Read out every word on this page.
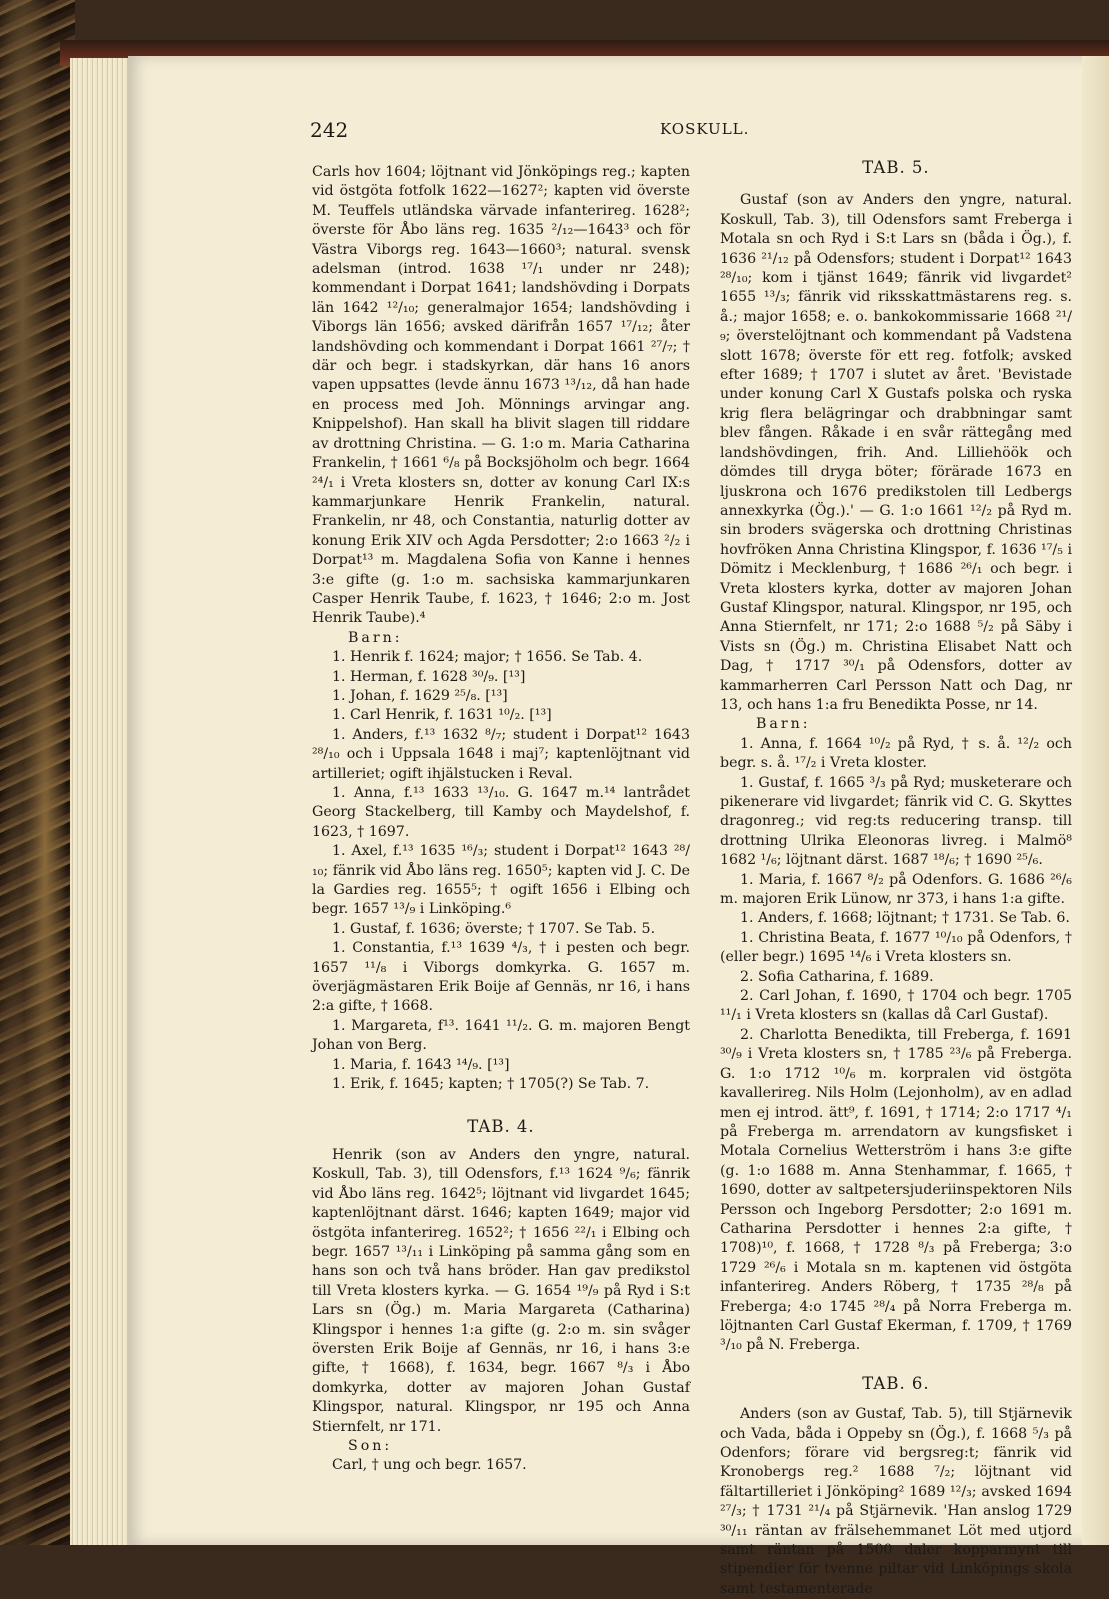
242	KOSKULL.

Carls hov 1604; löjtnant vid Jönköpings reg.; kapten vid östgöta fotfolk 1622—1627²; kapten vid överste M. Teuffels utländska värvade infanterireg. 1628²; överste för Åbo läns reg. 1635 ²/₁₂—1643³ och för Västra Viborgs reg. 1643—1660³; natural. svensk adelsman (introd. 1638 ¹⁷/₁ under nr 248); kommendant i Dorpat 1641; landshövding i Dorpats län 1642 ¹²/₁₀; generalmajor 1654; landshövding i Viborgs län 1656; avsked därifrån 1657 ¹⁷/₁₂; åter landshövding och kommendant i Dorpat 1661 ²⁷/₇; † där och begr. i stadskyrkan, där hans 16 anors vapen uppsattes (levde ännu 1673 ¹³/₁₂, då han hade en process med Joh. Mönnings arvingar ang. Knippelshof). Han skall ha blivit slagen till riddare av drottning Christina. — G. 1:o m. Maria Catharina Frankelin, † 1661 ⁶/₈ på Bocksjöholm och begr. 1664 ²⁴/₁ i Vreta klosters sn, dotter av konung Carl IX:s kammarjunkare Henrik Frankelin, natural. Frankelin, nr 48, och Constantia, naturlig dotter av konung Erik XIV och Agda Persdotter; 2:o 1663 ²/₂ i Dorpat¹³ m. Magdalena Sofia von Kanne i hennes 3:e gifte (g. 1:o m. sachsiska kammarjunkaren Casper Henrik Taube, f. 1623, † 1646; 2:o m. Jost Henrik Taube).⁴

Barn:

1. Henrik f. 1624; major; † 1656. Se Tab. 4.

1. Herman, f. 1628 ³⁰/₉. [¹³]

1. Johan, f. 1629 ²⁵/₈. [¹³]

1. Carl Henrik, f. 1631 ¹⁰/₂. [¹³]

1. Anders, f.¹³ 1632 ⁸/₇; student i Dorpat¹² 1643 ²⁸/₁₀ och i Uppsala 1648 i maj⁷; kaptenlöjtnant vid artilleriet; ogift ihjälstucken i Reval.

1. Anna, f.¹³ 1633 ¹³/₁₀. G. 1647 m.¹⁴ lantrådet Georg Stackelberg, till Kamby och Maydelshof, f. 1623, † 1697.

1. Axel, f.¹³ 1635 ¹⁶/₃; student i Dorpat¹² 1643 ²⁸/₁₀; fänrik vid Åbo läns reg. 1650⁵; kapten vid J. C. De la Gardies reg. 1655⁵; † ogift 1656 i Elbing och begr. 1657 ¹³/₉ i Linköping.⁶

1. Gustaf, f. 1636; överste; † 1707. Se Tab. 5.

1. Constantia, f.¹³ 1639 ⁴/₃, † i pesten och begr. 1657 ¹¹/₈ i Viborgs domkyrka. G. 1657 m. överjägmästaren Erik Boije af Gennäs, nr 16, i hans 2:a gifte, † 1668.

1. Margareta, f¹³. 1641 ¹¹/₂. G. m. majoren Bengt Johan von Berg.

1. Maria, f. 1643 ¹⁴/₉. [¹³]

1. Erik, f. 1645; kapten; † 1705(?) Se Tab. 7.

TAB. 4.

Henrik (son av Anders den yngre, natural. Koskull, Tab. 3), till Odensfors, f.¹³ 1624 ⁹/₆; fänrik vid Åbo läns reg. 1642⁵; löjtnant vid livgardet 1645; kaptenlöjtnant därst. 1646; kapten 1649; major vid östgöta infanterireg. 1652²; † 1656 ²²/₁ i Elbing och begr. 1657 ¹³/₁₁ i Linköping på samma gång som en hans son och två hans bröder. Han gav predikstol till Vreta klosters kyrka. — G. 1654 ¹⁹/₉ på Ryd i S:t Lars sn (Ög.) m. Maria Margareta (Catharina) Klingspor i hennes 1:a gifte (g. 2:o m. sin svåger översten Erik Boije af Gennäs, nr 16, i hans 3:e gifte, † 1668), f. 1634, begr. 1667 ⁸/₃ i Åbo domkyrka, dotter av majoren Johan Gustaf Klingspor, natural. Klingspor, nr 195 och Anna Stiernfelt, nr 171.

Son:

Carl, † ung och begr. 1657.

TAB. 5.

Gustaf (son av Anders den yngre, natural. Koskull, Tab. 3), till Odensfors samt Freberga i Motala sn och Ryd i S:t Lars sn (båda i Ög.), f. 1636 ²¹/₁₂ på Odensfors; student i Dorpat¹² 1643 ²⁸/₁₀; kom i tjänst 1649; fänrik vid livgardet² 1655 ¹³/₃; fänrik vid riksskattmästarens reg. s. å.; major 1658; e. o. bankokommissarie 1668 ²¹/₉; överstelöjtnant och kommendant på Vadstena slott 1678; överste för ett reg. fotfolk; avsked efter 1689; † 1707 i slutet av året. 'Bevistade under konung Carl X Gustafs polska och ryska krig flera belägringar och drabbningar samt blev fången. Råkade i en svår rättegång med landshövdingen, frih. And. Lilliehöök och dömdes till dryga böter; förärade 1673 en ljuskrona och 1676 predikstolen till Ledbergs annexkyrka (Ög.).' — G. 1:o 1661 ¹²/₂ på Ryd m. sin broders svägerska och drottning Christinas hovfröken Anna Christina Klingspor, f. 1636 ¹⁷/₅ i Dömitz i Mecklenburg, † 1686 ²⁶/₁ och begr. i Vreta klosters kyrka, dotter av majoren Johan Gustaf Klingspor, natural. Klingspor, nr 195, och Anna Stiernfelt, nr 171; 2:o 1688 ⁵/₂ på Säby i Vists sn (Ög.) m. Christina Elisabet Natt och Dag, † 1717 ³⁰/₁ på Odensfors, dotter av kammarherren Carl Persson Natt och Dag, nr 13, och hans 1:a fru Benedikta Posse, nr 14.

Barn:

1. Anna, f. 1664 ¹⁰/₂ på Ryd, † s. å. ¹²/₂ och begr. s. å. ¹⁷/₂ i Vreta kloster.

1. Gustaf, f. 1665 ³/₃ på Ryd; musketerare och pikenerare vid livgardet; fänrik vid C. G. Skyttes dragonreg.; vid reg:ts reducering transp. till drottning Ulrika Eleonoras livreg. i Malmö⁸ 1682 ¹/₆; löjtnant därst. 1687 ¹⁸/₆; † 1690 ²⁵/₆.

1. Maria, f. 1667 ⁸/₂ på Odenfors. G. 1686 ²⁶/₆ m. majoren Erik Lünow, nr 373, i hans 1:a gifte.

1. Anders, f. 1668; löjtnant; † 1731. Se Tab. 6.

1. Christina Beata, f. 1677 ¹⁰/₁₀ på Odenfors, † (eller begr.) 1695 ¹⁴/₆ i Vreta klosters sn.

2. Sofia Catharina, f. 1689.

2. Carl Johan, f. 1690, † 1704 och begr. 1705 ¹¹/₁ i Vreta klosters sn (kallas då Carl Gustaf).

2. Charlotta Benedikta, till Freberga, f. 1691 ³⁰/₉ i Vreta klosters sn, † 1785 ²³/₆ på Freberga. G. 1:o 1712 ¹⁰/₆ m. korpralen vid östgöta kavallerireg. Nils Holm (Lejonholm), av en adlad men ej introd. ätt⁹, f. 1691, † 1714; 2:o 1717 ⁴/₁ på Freberga m. arrendatorn av kungsfisket i Motala Cornelius Wetterström i hans 3:e gifte (g. 1:o 1688 m. Anna Stenhammar, f. 1665, † 1690, dotter av saltpetersjuderiinspektoren Nils Persson och Ingeborg Persdotter; 2:o 1691 m. Catharina Persdotter i hennes 2:a gifte, † 1708)¹⁰, f. 1668, † 1728 ⁸/₃ på Freberga; 3:o 1729 ²⁶/₆ i Motala sn m. kaptenen vid östgöta infanterireg. Anders Röberg, † 1735 ²⁸/₈ på Freberga; 4:o 1745 ²⁸/₄ på Norra Freberga m. löjtnanten Carl Gustaf Ekerman, f. 1709, † 1769 ³/₁₀ på N. Freberga.

TAB. 6.

Anders (son av Gustaf, Tab. 5), till Stjärnevik och Vada, båda i Oppeby sn (Ög.), f. 1668 ⁵/₃ på Odenfors; förare vid bergsreg:t; fänrik vid Kronobergs reg.² 1688 ⁷/₂; löjtnant vid fältartilleriet i Jönköping² 1689 ¹²/₃; avsked 1694 ²⁷/₃; † 1731 ²¹/₄ på Stjärnevik. 'Han anslog 1729 ³⁰/₁₁ räntan av frälsehemmanet Löt med utjord samt räntan på 1500 daler kopparmynt till stipendier för tvenne piltar vid Linköpings skola samt testamenterade
